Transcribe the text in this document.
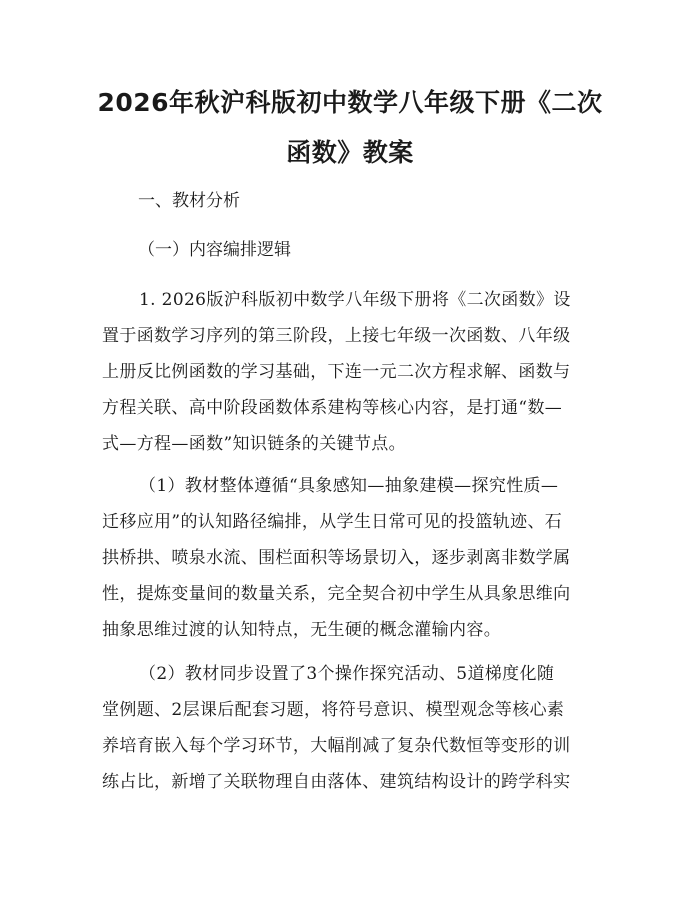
2026年秋沪科版初中数学八年级下册《二次
函数》教案
一、教材分析
（一）内容编排逻辑
1. 2026版沪科版初中数学八年级下册将《二次函数》设
置于函数学习序列的第三阶段，上接七年级一次函数、八年级
上册反比例函数的学习基础，下连一元二次方程求解、函数与
方程关联、高中阶段函数体系建构等核心内容，是打通“数—
式—方程—函数”知识链条的关键节点。
（1）教材整体遵循“具象感知—抽象建模—探究性质—
迁移应用”的认知路径编排，从学生日常可见的投篮轨迹、石
拱桥拱、喷泉水流、围栏面积等场景切入，逐步剥离非数学属
性，提炼变量间的数量关系，完全契合初中学生从具象思维向
抽象思维过渡的认知特点，无生硬的概念灌输内容。
（2）教材同步设置了3个操作探究活动、5道梯度化随
堂例题、2层课后配套习题，将符号意识、模型观念等核心素
养培育嵌入每个学习环节，大幅削减了复杂代数恒等变形的训
练占比，新增了关联物理自由落体、建筑结构设计的跨学科实
